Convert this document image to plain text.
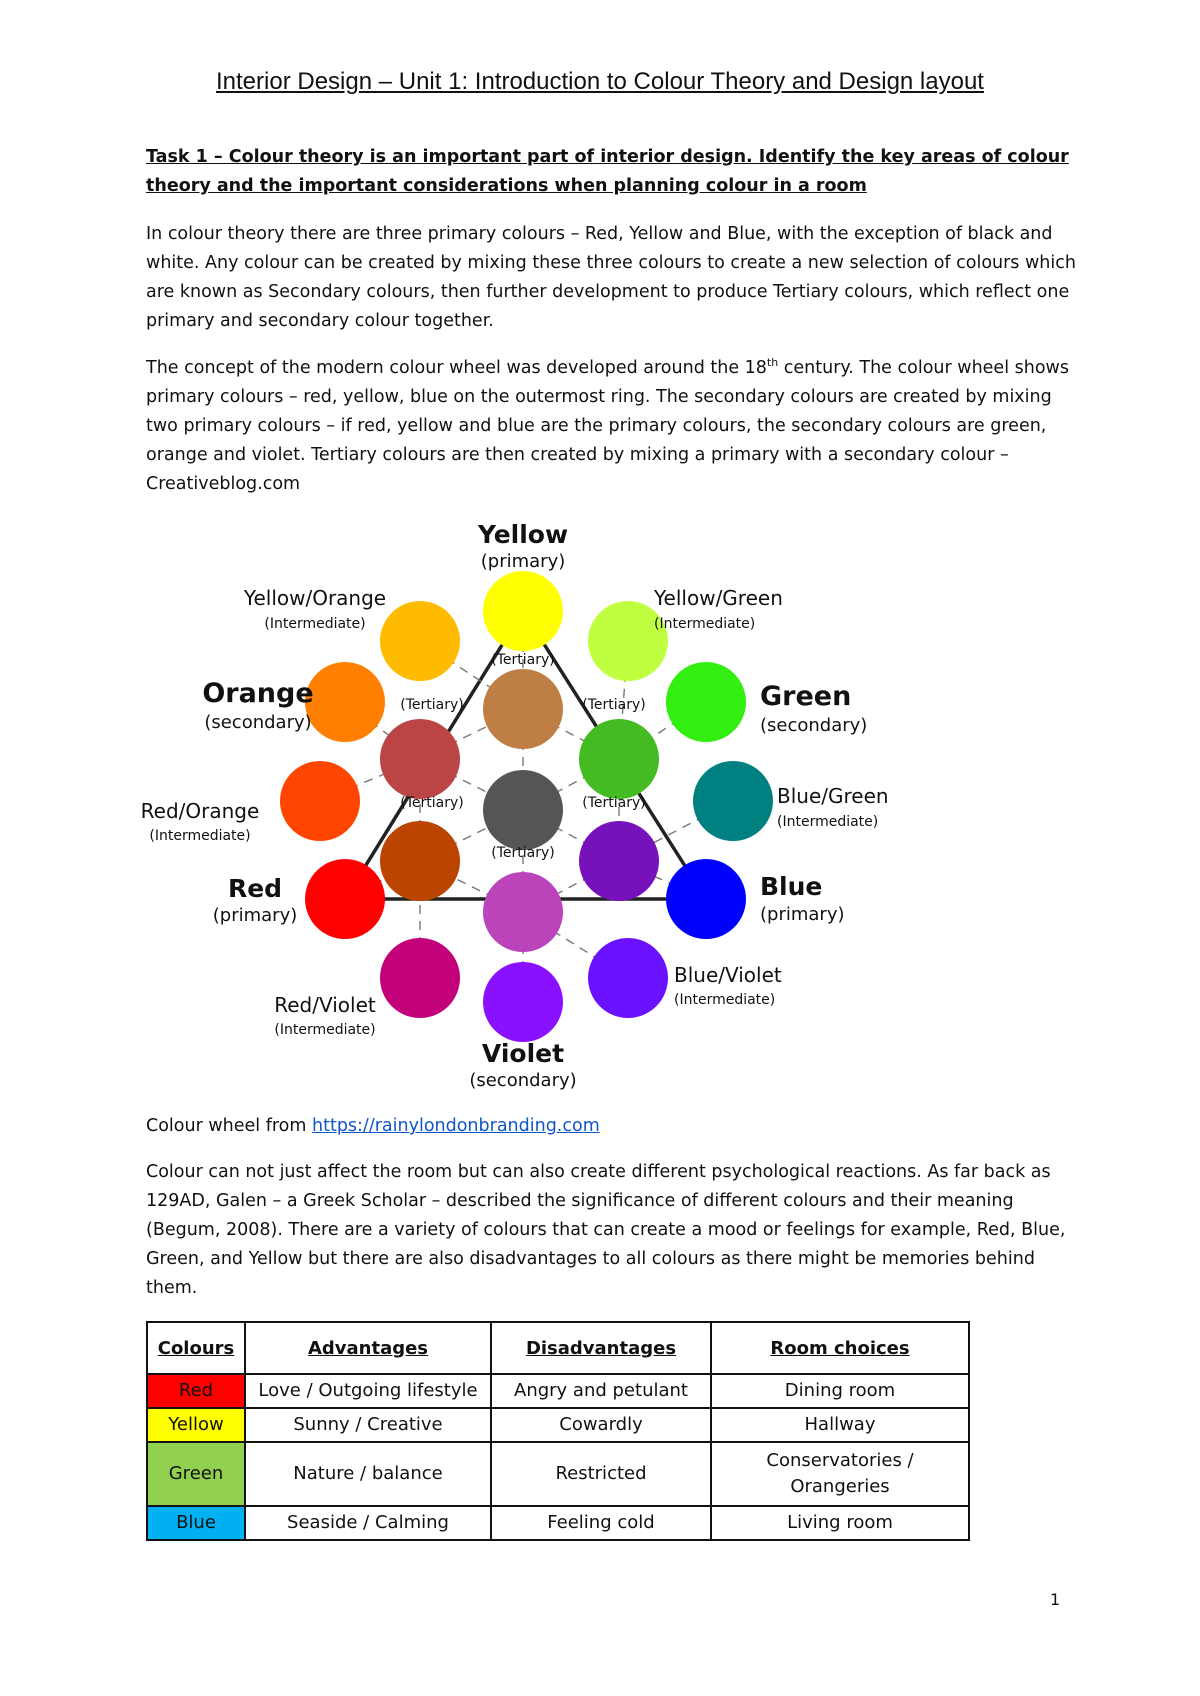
Interior Design – Unit 1: Introduction to Colour Theory and Design layout
Task 1 – Colour theory is an important part of interior design. Identify the key areas of colour theory and the important considerations when planning colour in a room
In colour theory there are three primary colours – Red, Yellow and Blue, with the exception of black and white. Any colour can be created by mixing these three colours to create a new selection of colours which are known as Secondary colours, then further development to produce Tertiary colours, which reflect one primary and secondary colour together.
The concept of the modern colour wheel was developed around the 18th century. The colour wheel shows primary colours – red, yellow, blue on the outermost ring. The secondary colours are created by mixing two primary colours – if red, yellow and blue are the primary colours, the secondary colours are green, orange and violet. Tertiary colours are then created by mixing a primary with a secondary colour – Creativeblog.com
Yellow
(primary)
Yellow/Green
(Intermediate)
Green
(secondary)
Blue/Green
(Intermediate)
Blue
(primary)
Blue/Violet
(Intermediate)
Violet
(secondary)
Red/Violet
(Intermediate)
Red
(primary)
Red/Orange
(Intermediate)
Orange
(secondary)
Yellow/Orange
(Intermediate)
(Tertiary)
(Tertiary)
(Tertiary)
(Tertiary)
(Tertiary)
(Tertiary)
Colour wheel from https://rainylondonbranding.com
Colour can not just affect the room but can also create different psychological reactions. As far back as 129AD, Galen – a Greek Scholar – described the significance of different colours and their meaning (Begum, 2008). There are a variety of colours that can create a mood or feelings for example, Red, Blue, Green, and Yellow but there are also disadvantages to all colours as there might be memories behind them.
Colours	Advantages	Disadvantages	Room choices
Red	Love / Outgoing lifestyle	Angry and petulant	Dining room
Yellow	Sunny / Creative	Cowardly	Hallway
Green	Nature / balance	Restricted	Conservatories / Orangeries
Blue	Seaside / Calming	Feeling cold	Living room
1
